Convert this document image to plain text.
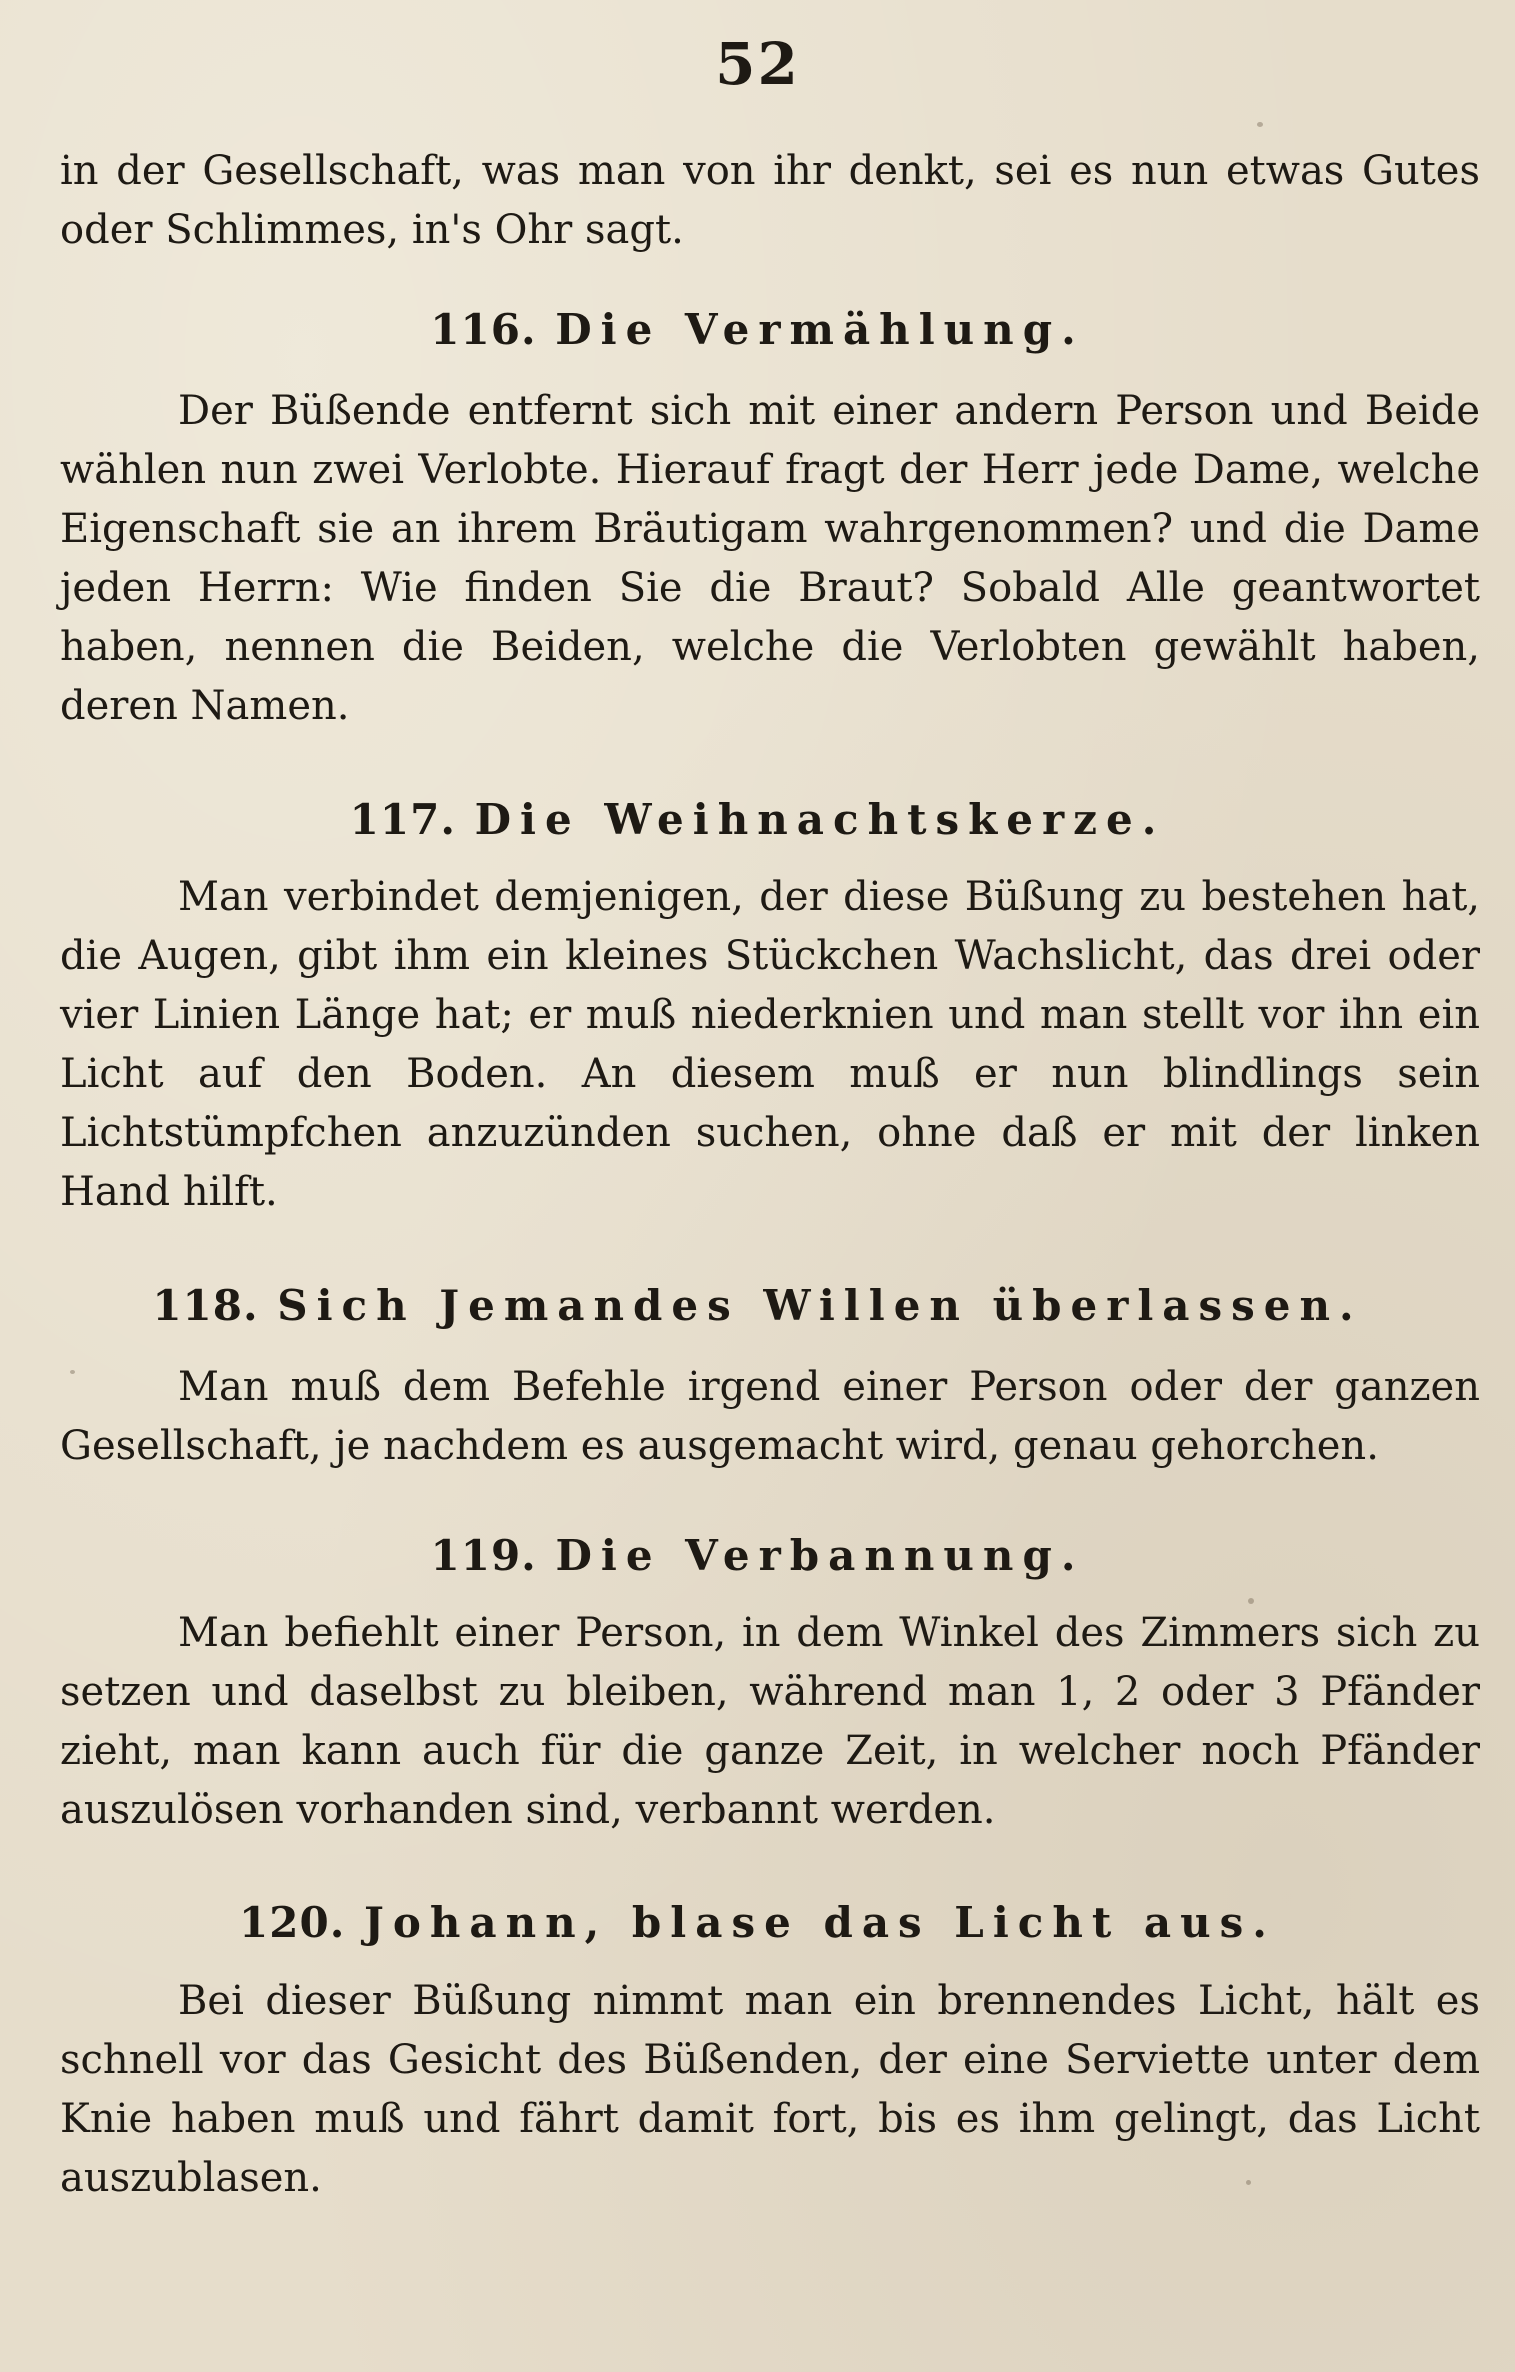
52

in der Gesellschaft, was man von ihr denkt, sei es nun etwas Gutes oder Schlimmes, in's Ohr sagt.

116. Die Vermählung.

Der Büßende entfernt sich mit einer andern Person und Beide wählen nun zwei Verlobte. Hierauf fragt der Herr jede Dame, welche Eigenschaft sie an ihrem Bräutigam wahrgenommen? und die Dame jeden Herrn: Wie finden Sie die Braut? Sobald Alle geantwortet haben, nennen die Beiden, welche die Verlobten gewählt haben, deren Namen.

117. Die Weihnachtskerze.

Man verbindet demjenigen, der diese Büßung zu bestehen hat, die Augen, gibt ihm ein kleines Stückchen Wachslicht, das drei oder vier Linien Länge hat; er muß niederknien und man stellt vor ihn ein Licht auf den Boden. An diesem muß er nun blindlings sein Lichtstümpfchen anzuzünden suchen, ohne daß er mit der linken Hand hilft.

118. Sich Jemandes Willen überlassen.

Man muß dem Befehle irgend einer Person oder der ganzen Gesellschaft, je nachdem es ausgemacht wird, genau gehorchen.

119. Die Verbannung.

Man befiehlt einer Person, in dem Winkel des Zimmers sich zu setzen und daselbst zu bleiben, während man 1, 2 oder 3 Pfänder zieht, man kann auch für die ganze Zeit, in welcher noch Pfänder auszulösen vorhanden sind, verbannt werden.

120. Johann, blase das Licht aus.

Bei dieser Büßung nimmt man ein brennendes Licht, hält es schnell vor das Gesicht des Büßenden, der eine Serviette unter dem Knie haben muß und fährt damit fort, bis es ihm gelingt, das Licht auszublasen.
